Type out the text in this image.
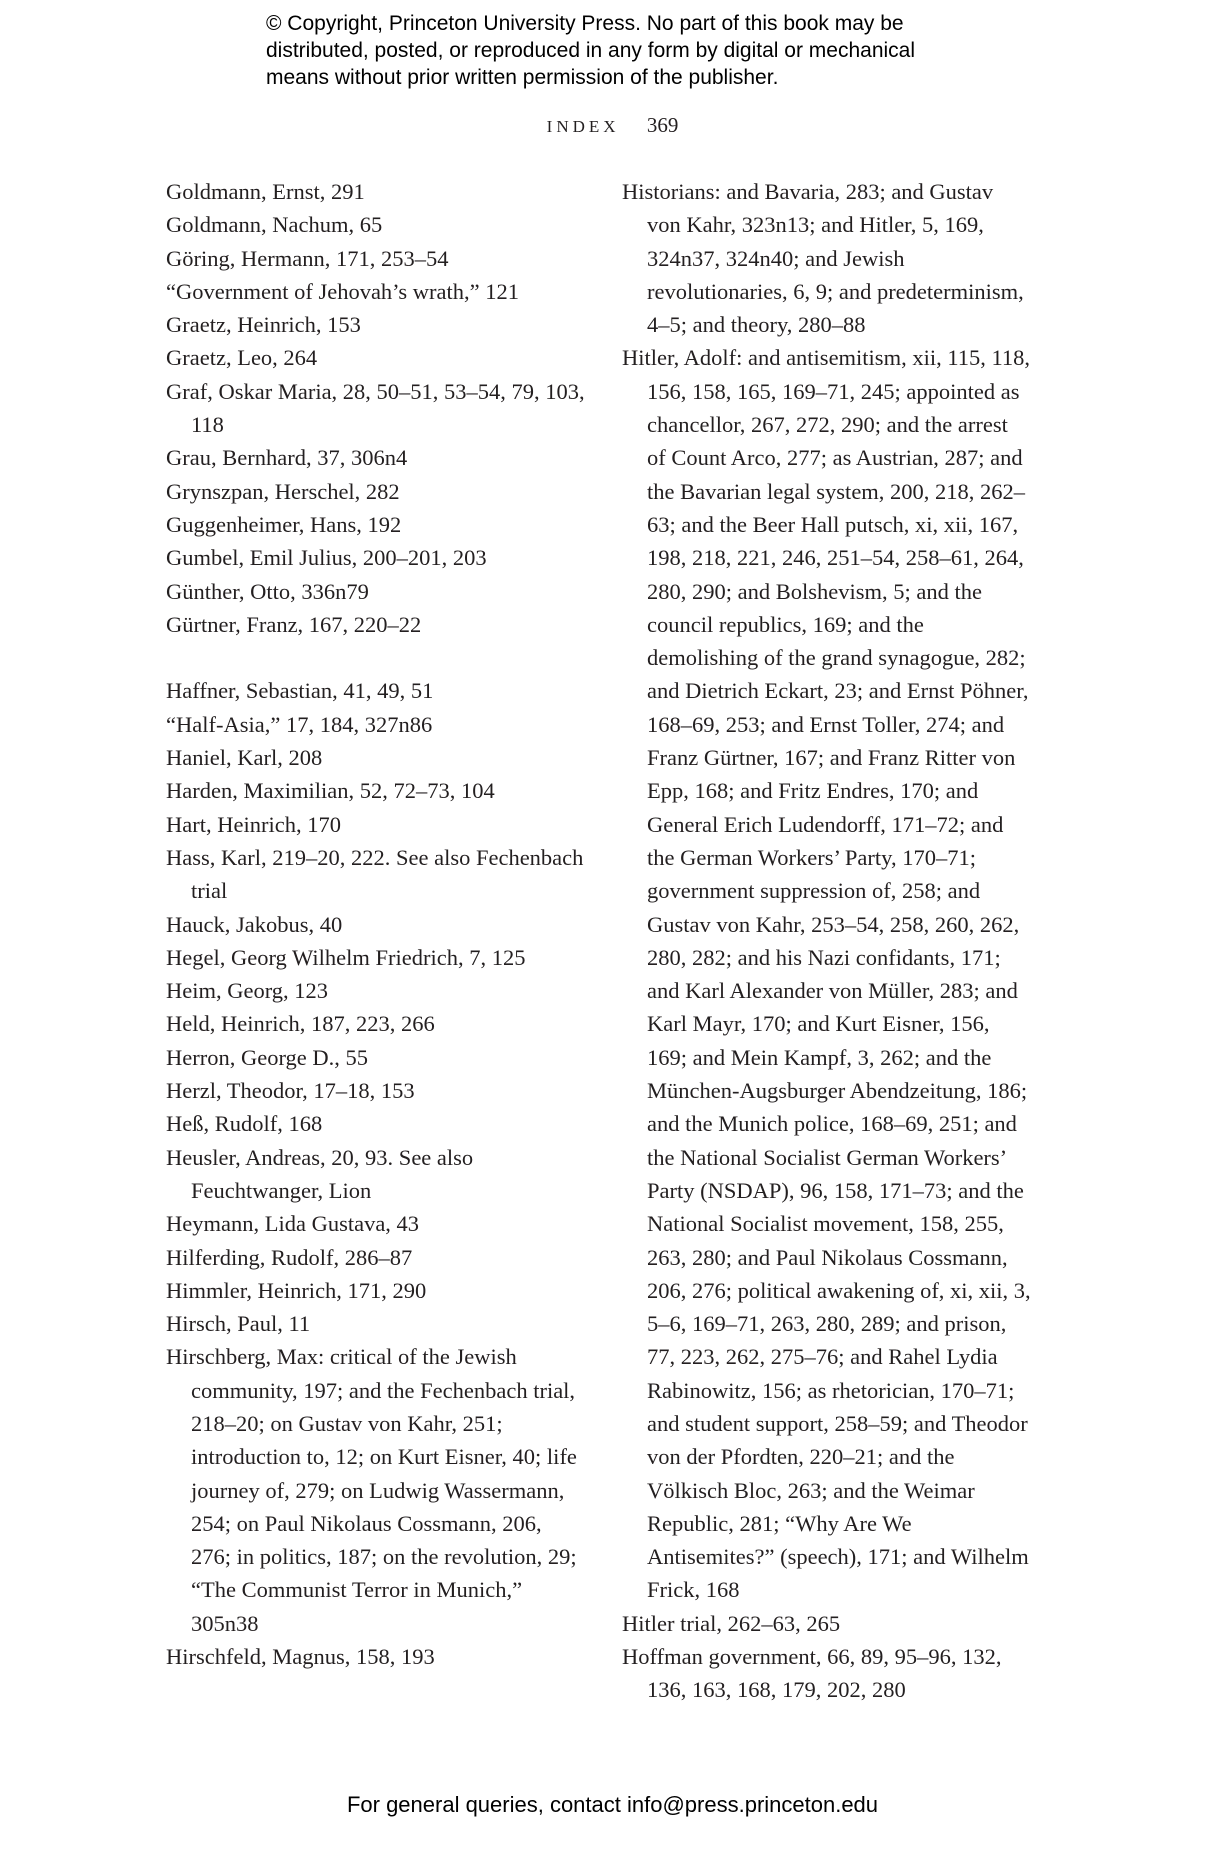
© Copyright, Princeton University Press. No part of this book may be
distributed, posted, or reproduced in any form by digital or mechanical
means without prior written permission of the publisher.
INDEX 369
Goldmann, Ernst, 291
Goldmann, Nachum, 65
Göring, Hermann, 171, 253–54
“Government of Jehovah’s wrath,” 121
Graetz, Heinrich, 153
Graetz, Leo, 264
Graf, Oskar Maria, 28, 50–51, 53–54, 79, 103, 118
Grau, Bernhard, 37, 306n4
Grynszpan, Herschel, 282
Guggenheimer, Hans, 192
Gumbel, Emil Julius, 200–201, 203
Günther, Otto, 336n79
Gürtner, Franz, 167, 220–22
Haffner, Sebastian, 41, 49, 51
“Half-Asia,” 17, 184, 327n86
Haniel, Karl, 208
Harden, Maximilian, 52, 72–73, 104
Hart, Heinrich, 170
Hass, Karl, 219–20, 222. See also Fechenbach trial
Hauck, Jakobus, 40
Hegel, Georg Wilhelm Friedrich, 7, 125
Heim, Georg, 123
Held, Heinrich, 187, 223, 266
Herron, George D., 55
Herzl, Theodor, 17–18, 153
Heß, Rudolf, 168
Heusler, Andreas, 20, 93. See also Feuchtwanger, Lion
Heymann, Lida Gustava, 43
Hilferding, Rudolf, 286–87
Himmler, Heinrich, 171, 290
Hirsch, Paul, 11
Hirschberg, Max: critical of the Jewish community, 197; and the Fechenbach trial, 218–20; on Gustav von Kahr, 251; introduction to, 12; on Kurt Eisner, 40; life journey of, 279; on Ludwig Wassermann, 254; on Paul Nikolaus Cossmann, 206, 276; in politics, 187; on the revolution, 29; “The Communist Terror in Munich,” 305n38
Hirschfeld, Magnus, 158, 193
Historians: and Bavaria, 283; and Gustav von Kahr, 323n13; and Hitler, 5, 169, 324n37, 324n40; and Jewish revolutionaries, 6, 9; and predeterminism, 4–5; and theory, 280–88
Hitler, Adolf: and antisemitism, xii, 115, 118, 156, 158, 165, 169–71, 245; appointed as chancellor, 267, 272, 290; and the arrest of Count Arco, 277; as Austrian, 287; and the Bavarian legal system, 200, 218, 262–63; and the Beer Hall putsch, xi, xii, 167, 198, 218, 221, 246, 251–54, 258–61, 264, 280, 290; and Bolshevism, 5; and the council republics, 169; and the demolishing of the grand synagogue, 282; and Dietrich Eckart, 23; and Ernst Pöhner, 168–69, 253; and Ernst Toller, 274; and Franz Gürtner, 167; and Franz Ritter von Epp, 168; and Fritz Endres, 170; and General Erich Ludendorff, 171–72; and the German Workers’ Party, 170–71; government suppression of, 258; and Gustav von Kahr, 253–54, 258, 260, 262, 280, 282; and his Nazi confidants, 171; and Karl Alexander von Müller, 283; and Karl Mayr, 170; and Kurt Eisner, 156, 169; and Mein Kampf, 3, 262; and the München-Augsburger Abendzeitung, 186; and the Munich police, 168–69, 251; and the National Socialist German Workers’ Party (NSDAP), 96, 158, 171–73; and the National Socialist movement, 158, 255, 263, 280; and Paul Nikolaus Cossmann, 206, 276; political awakening of, xi, xii, 3, 5–6, 169–71, 263, 280, 289; and prison, 77, 223, 262, 275–76; and Rahel Lydia Rabinowitz, 156; as rhetorician, 170–71; and student support, 258–59; and Theodor von der Pfordten, 220–21; and the Völkisch Bloc, 263; and the Weimar Republic, 281; “Why Are We Antisemites?” (speech), 171; and Wilhelm Frick, 168
Hitler trial, 262–63, 265
Hoffman government, 66, 89, 95–96, 132, 136, 163, 168, 179, 202, 280
For general queries, contact info@press.princeton.edu
